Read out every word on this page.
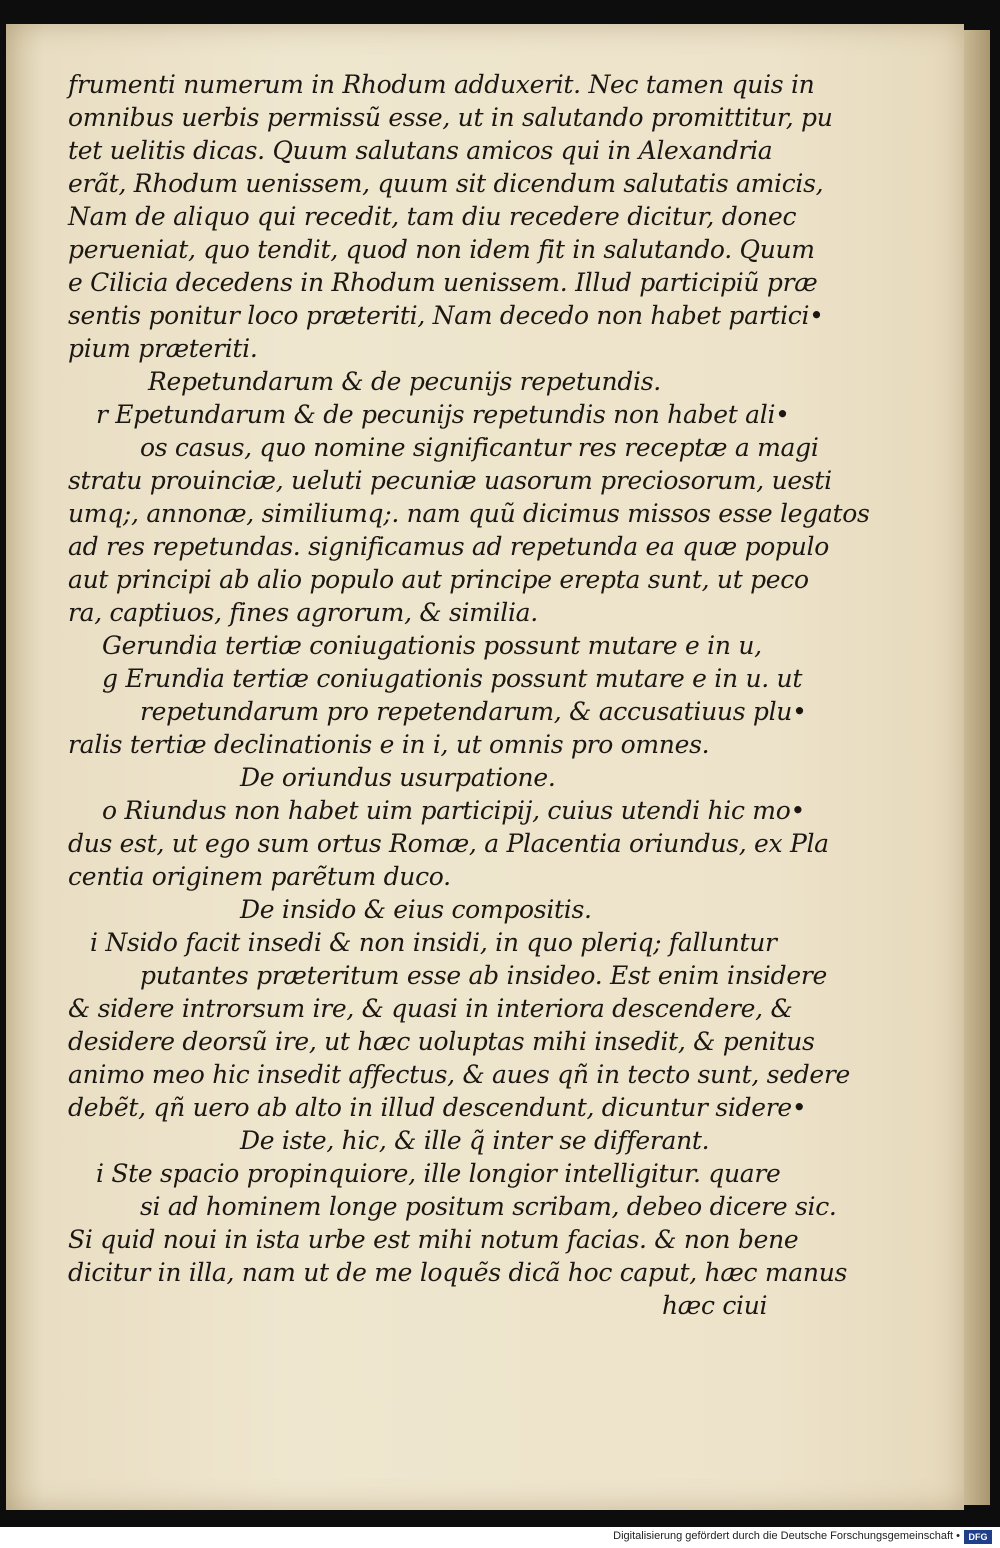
frumenti numerum in Rhodum adduxerit. Nec tamen quis in
omnibus uerbis permissũ esse, ut in salutando promittitur, pu
tet uelitis dicas. Quum salutans amicos qui in Alexandria
erãt, Rhodum uenissem, quum sit dicendum salutatis amicis,
Nam de aliquo qui recedit, tam diu recedere dicitur, donec
perueniat, quo tendit, quod non idem fit in salutando. Quum
e Cilicia decedens in Rhodum uenissem. Illud participiũ præ
sentis ponitur loco præteriti, Nam decedo non habet partici•
pium præteriti.
Repetundarum & de pecunijs repetundis.
r Epetundarum & de pecunijs repetundis non habet ali•
os casus, quo nomine significantur res receptæ a magi
stratu prouinciæ, ueluti pecuniæ uasorum preciosorum, uesti
umq;, annonæ, similiumq;. nam quũ dicimus missos esse legatos
ad res repetundas. significamus ad repetunda ea quæ populo
aut principi ab alio populo aut principe erepta sunt, ut peco
ra, captiuos, fines agrorum, & similia.
Gerundia tertiæ coniugationis possunt mutare e in u,
g Erundia tertiæ coniugationis possunt mutare e in u. ut
repetundarum pro repetendarum, & accusatiuus plu•
ralis tertiæ declinationis e in i, ut omnis pro omnes.
De oriundus usurpatione.
o Riundus non habet uim participij, cuius utendi hic mo•
dus est, ut ego sum ortus Romæ, a Placentia oriundus, ex Pla
centia originem parẽtum duco.
De insido & eius compositis.
i Nsido facit insedi & non insidi, in quo pleriq; falluntur
putantes præteritum esse ab insideo. Est enim insidere
& sidere introrsum ire, & quasi in interiora descendere, &
desidere deorsũ ire, ut hæc uoluptas mihi insedit, & penitus
animo meo hic insedit affectus, & aues qñ in tecto sunt, sedere
debẽt, qñ uero ab alto in illud descendunt, dicuntur sidere•
De iste, hic, & ille q̃ inter se differant.
i Ste spacio propinquiore, ille longior intelligitur. quare
si ad hominem longe positum scribam, debeo dicere sic.
Si quid noui in ista urbe est mihi notum facias. & non bene
dicitur in illa, nam ut de me loquẽs dicã hoc caput, hæc manus
hæc ciui
Digitalisierung gefördert durch die Deutsche Forschungsgemeinschaft • DFG
